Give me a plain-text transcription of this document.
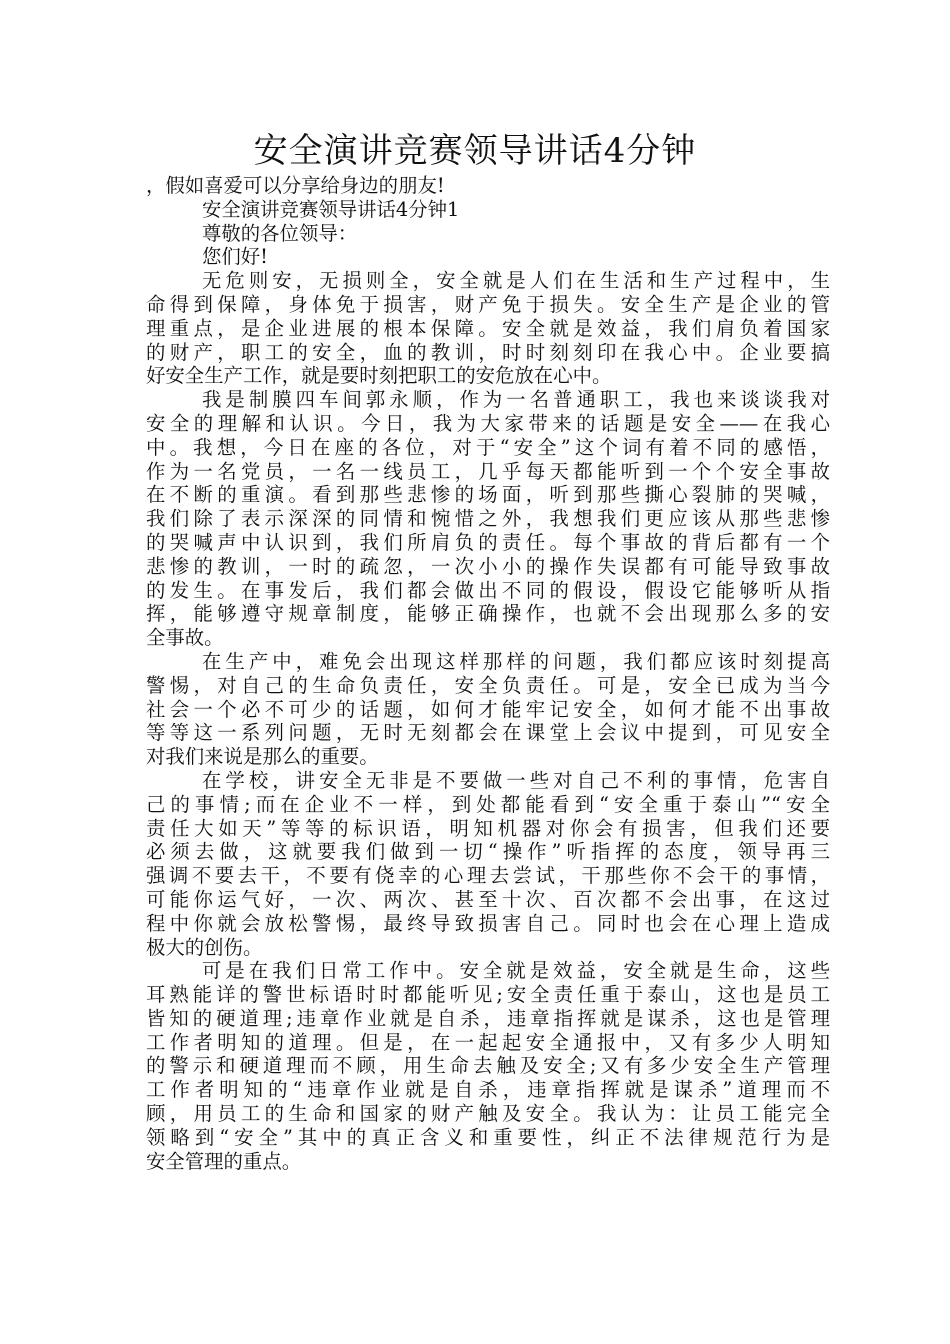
安全演讲竞赛领导讲话4分钟
，假如喜爱可以分享给身边的朋友!
安全演讲竞赛领导讲话4分钟1
尊敬的各位领导：
您们好!
无危则安，无损则全，安全就是人们在生活和生产过程中，生
命得到保障，身体免于损害，财产免于损失。安全生产是企业的管
理重点，是企业进展的根本保障。安全就是效益，我们肩负着国家
的财产，职工的安全，血的教训，时时刻刻印在我心中。企业要搞
好安全生产工作，就是要时刻把职工的安危放在心中。
我是制膜四车间郭永顺，作为一名普通职工，我也来谈谈我对
安全的理解和认识。今日，我为大家带来的话题是安全——在我心
中。我想，今日在座的各位，对于“安全”这个词有着不同的感悟，
作为一名党员，一名一线员工，几乎每天都能听到一个个安全事故
在不断的重演。看到那些悲惨的场面，听到那些撕心裂肺的哭喊，
我们除了表示深深的同情和惋惜之外，我想我们更应该从那些悲惨
的哭喊声中认识到，我们所肩负的责任。每个事故的背后都有一个
悲惨的教训，一时的疏忽，一次小小的操作失误都有可能导致事故
的发生。在事发后，我们都会做出不同的假设，假设它能够听从指
挥，能够遵守规章制度，能够正确操作，也就不会出现那么多的安
全事故。
在生产中，难免会出现这样那样的问题，我们都应该时刻提高
警惕，对自己的生命负责任，安全负责任。可是，安全已成为当今
社会一个必不可少的话题，如何才能牢记安全，如何才能不出事故
等等这一系列问题，无时无刻都会在课堂上会议中提到，可见安全
对我们来说是那么的重要。
在学校，讲安全无非是不要做一些对自己不利的事情，危害自
己的事情;而在企业不一样，到处都能看到“安全重于泰山”“安全
责任大如天”等等的标识语，明知机器对你会有损害，但我们还要
必须去做，这就要我们做到一切“操作”听指挥的态度，领导再三
强调不要去干，不要有侥幸的心理去尝试，干那些你不会干的事情，
可能你运气好，一次、两次、甚至十次、百次都不会出事，在这过
程中你就会放松警惕，最终导致损害自己。同时也会在心理上造成
极大的创伤。
可是在我们日常工作中。安全就是效益，安全就是生命，这些
耳熟能详的警世标语时时都能听见;安全责任重于泰山，这也是员工
皆知的硬道理;违章作业就是自杀，违章指挥就是谋杀，这也是管理
工作者明知的道理。但是，在一起起安全通报中，又有多少人明知
的警示和硬道理而不顾，用生命去触及安全;又有多少安全生产管理
工作者明知的“违章作业就是自杀，违章指挥就是谋杀”道理而不
顾，用员工的生命和国家的财产触及安全。我认为：让员工能完全
领略到“安全”其中的真正含义和重要性，纠正不法律规范行为是
安全管理的重点。
